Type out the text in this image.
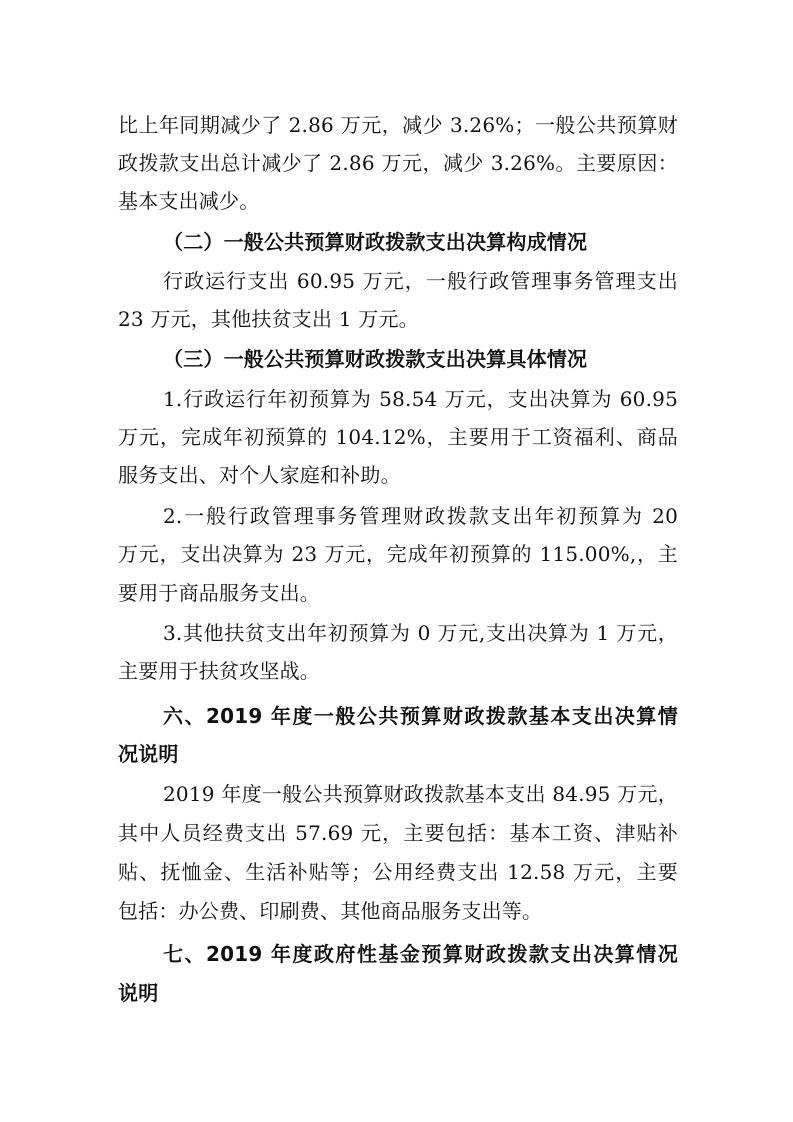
比上年同期减少了 2.86 万元，减少 3.26%；一般公共预算财
政拨款支出总计减少了 2.86 万元，减少 3.26%。主要原因：
基本支出减少。
（二）一般公共预算财政拨款支出决算构成情况
行政运行支出 60.95 万元，一般行政管理事务管理支出
23 万元，其他扶贫支出 1 万元。
（三）一般公共预算财政拨款支出决算具体情况
1.行政运行年初预算为 58.54 万元，支出决算为 60.95
万元，完成年初预算的 104.12%，主要用于工资福利、商品
服务支出、对个人家庭和补助。
2.一般行政管理事务管理财政拨款支出年初预算为 20
万元，支出决算为 23 万元，完成年初预算的 115.00%,，主
要用于商品服务支出。
3.其他扶贫支出年初预算为 0 万元,支出决算为 1 万元，
主要用于扶贫攻坚战。
六、2019 年度一般公共预算财政拨款基本支出决算情
况说明
2019 年度一般公共预算财政拨款基本支出 84.95 万元，
其中人员经费支出 57.69 元，主要包括：基本工资、津贴补
贴、抚恤金、生活补贴等；公用经费支出 12.58 万元，主要
包括：办公费、印刷费、其他商品服务支出等。
七、2019 年度政府性基金预算财政拨款支出决算情况
说明
